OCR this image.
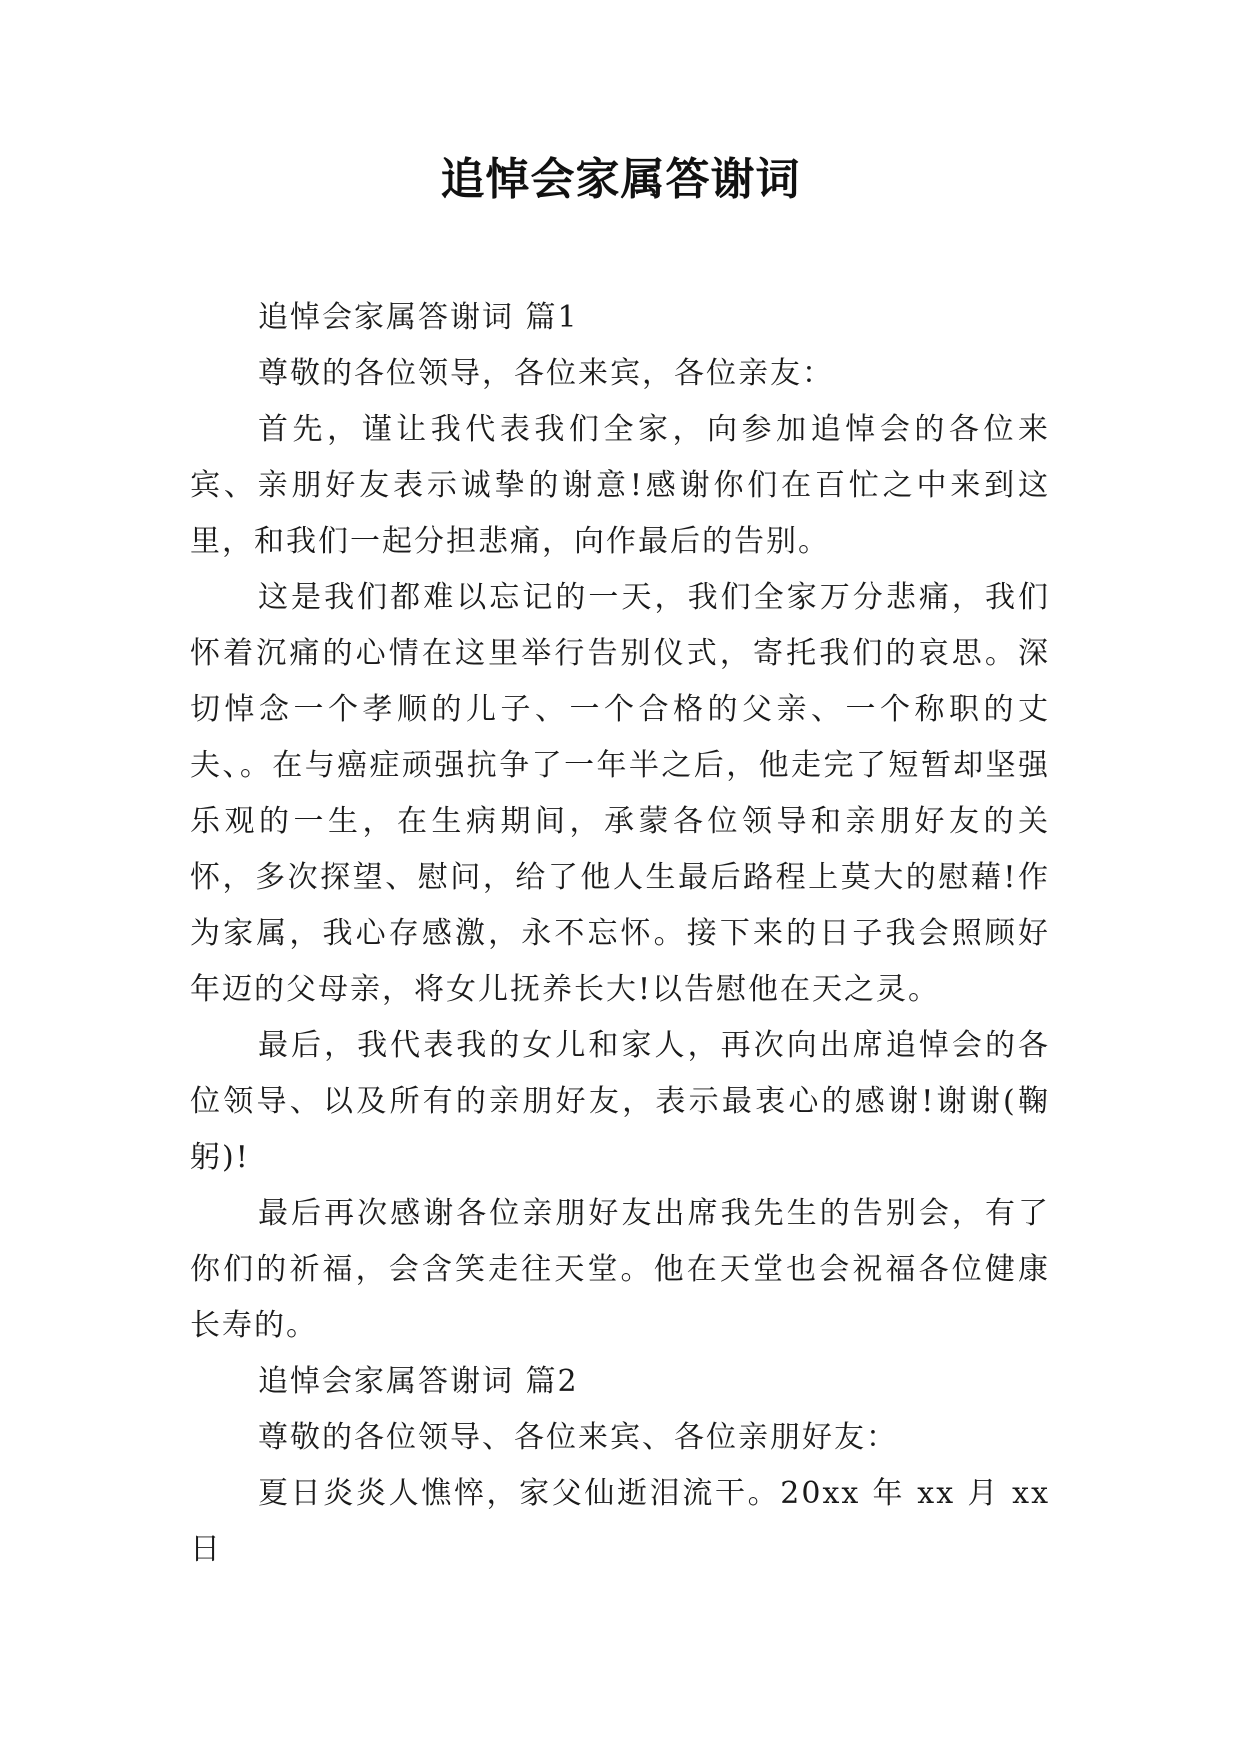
追悼会家属答谢词

追悼会家属答谢词 篇1

尊敬的各位领导，各位来宾，各位亲友：

首先，谨让我代表我们全家，向参加追悼会的各位来宾、亲朋好友表示诚挚的谢意!感谢你们在百忙之中来到这里，和我们一起分担悲痛，向作最后的告别。

这是我们都难以忘记的一天，我们全家万分悲痛，我们怀着沉痛的心情在这里举行告别仪式，寄托我们的哀思。深切悼念一个孝顺的儿子、一个合格的父亲、一个称职的丈夫、。在与癌症顽强抗争了一年半之后，他走完了短暂却坚强乐观的一生，在生病期间，承蒙各位领导和亲朋好友的关怀，多次探望、慰问，给了他人生最后路程上莫大的慰藉!作为家属，我心存感激，永不忘怀。接下来的日子我会照顾好年迈的父母亲，将女儿抚养长大!以告慰他在天之灵。

最后，我代表我的女儿和家人，再次向出席追悼会的各位领导、以及所有的亲朋好友，表示最衷心的感谢!谢谢(鞠躬)!

最后再次感谢各位亲朋好友出席我先生的告别会，有了你们的祈福，会含笑走往天堂。他在天堂也会祝福各位健康长寿的。

追悼会家属答谢词 篇2

尊敬的各位领导、各位来宾、各位亲朋好友：

夏日炎炎人憔悴，家父仙逝泪流干。20xx 年 xx 月 xx 日
